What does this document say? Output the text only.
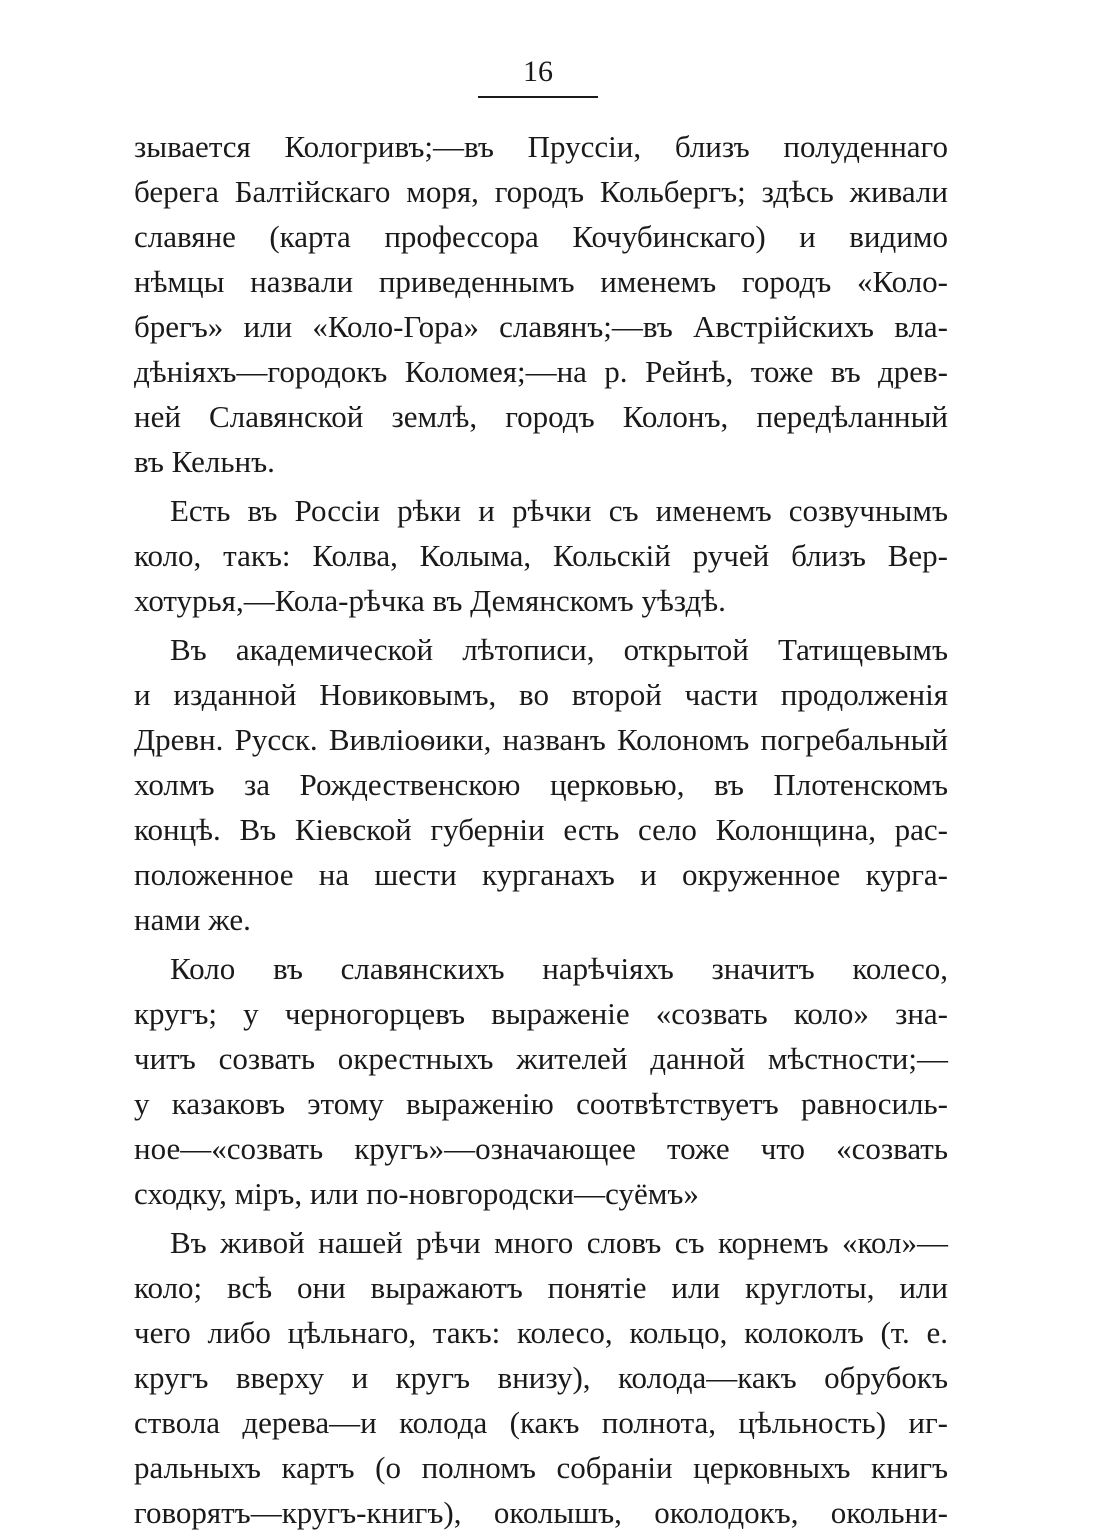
16
зывается Кологривъ;—въ Пруссіи, близъ полуденнаго
берега Балтійскаго моря, городъ Кольбергъ; здѣсь живали
славяне (карта профессора Кочубинскаго) и видимо
нѣмцы назвали приведеннымъ именемъ городъ «Коло-
брегъ» или «Коло-Гора» славянъ;—въ Австрійскихъ вла-
дѣніяхъ—городокъ Коломея;—на р. Рейнѣ, тоже въ древ-
ней Славянской землѣ, городъ Колонъ, передѣланный
въ Кельнъ.
Есть въ Россіи рѣки и рѣчки съ именемъ созвучнымъ
коло, такъ: Колва, Колыма, Кольскій ручей близъ Вер-
хотурья,—Кола-рѣчка въ Демянскомъ уѣздѣ.
Въ академической лѣтописи, открытой Татищевымъ
и изданной Новиковымъ, во второй части продолженія
Древн. Русск. Вивліоѳики, названъ Колономъ погребальный
холмъ за Рождественскою церковью, въ Плотенскомъ
концѣ. Въ Кіевской губерніи есть село Колонщина, рас-
положенное на шести курганахъ и окруженное курга-
нами же.
Коло въ славянскихъ нарѣчіяхъ значитъ колесо,
кругъ; у черногорцевъ выраженіе «созвать коло» зна-
читъ созвать окрестныхъ жителей данной мѣстности;—
у казаковъ этому выраженію соотвѣтствуетъ равносиль-
ное—«созвать кругъ»—означающее тоже что «созвать
сходку, міръ, или по-новгородски—суёмъ»
Въ живой нашей рѣчи много словъ съ корнемъ «кол»—
коло; всѣ они выражаютъ понятіе или круглоты, или
чего либо цѣльнаго, такъ: колесо, кольцо, колоколъ (т. е.
кругъ вверху и кругъ внизу), колода—какъ обрубокъ
ствола дерева—и колода (какъ полнота, цѣльность) иг-
ральныхъ картъ (о полномъ собраніи церковныхъ книгъ
говорятъ—кругъ-книгъ), околышъ, околодокъ, окольни-
